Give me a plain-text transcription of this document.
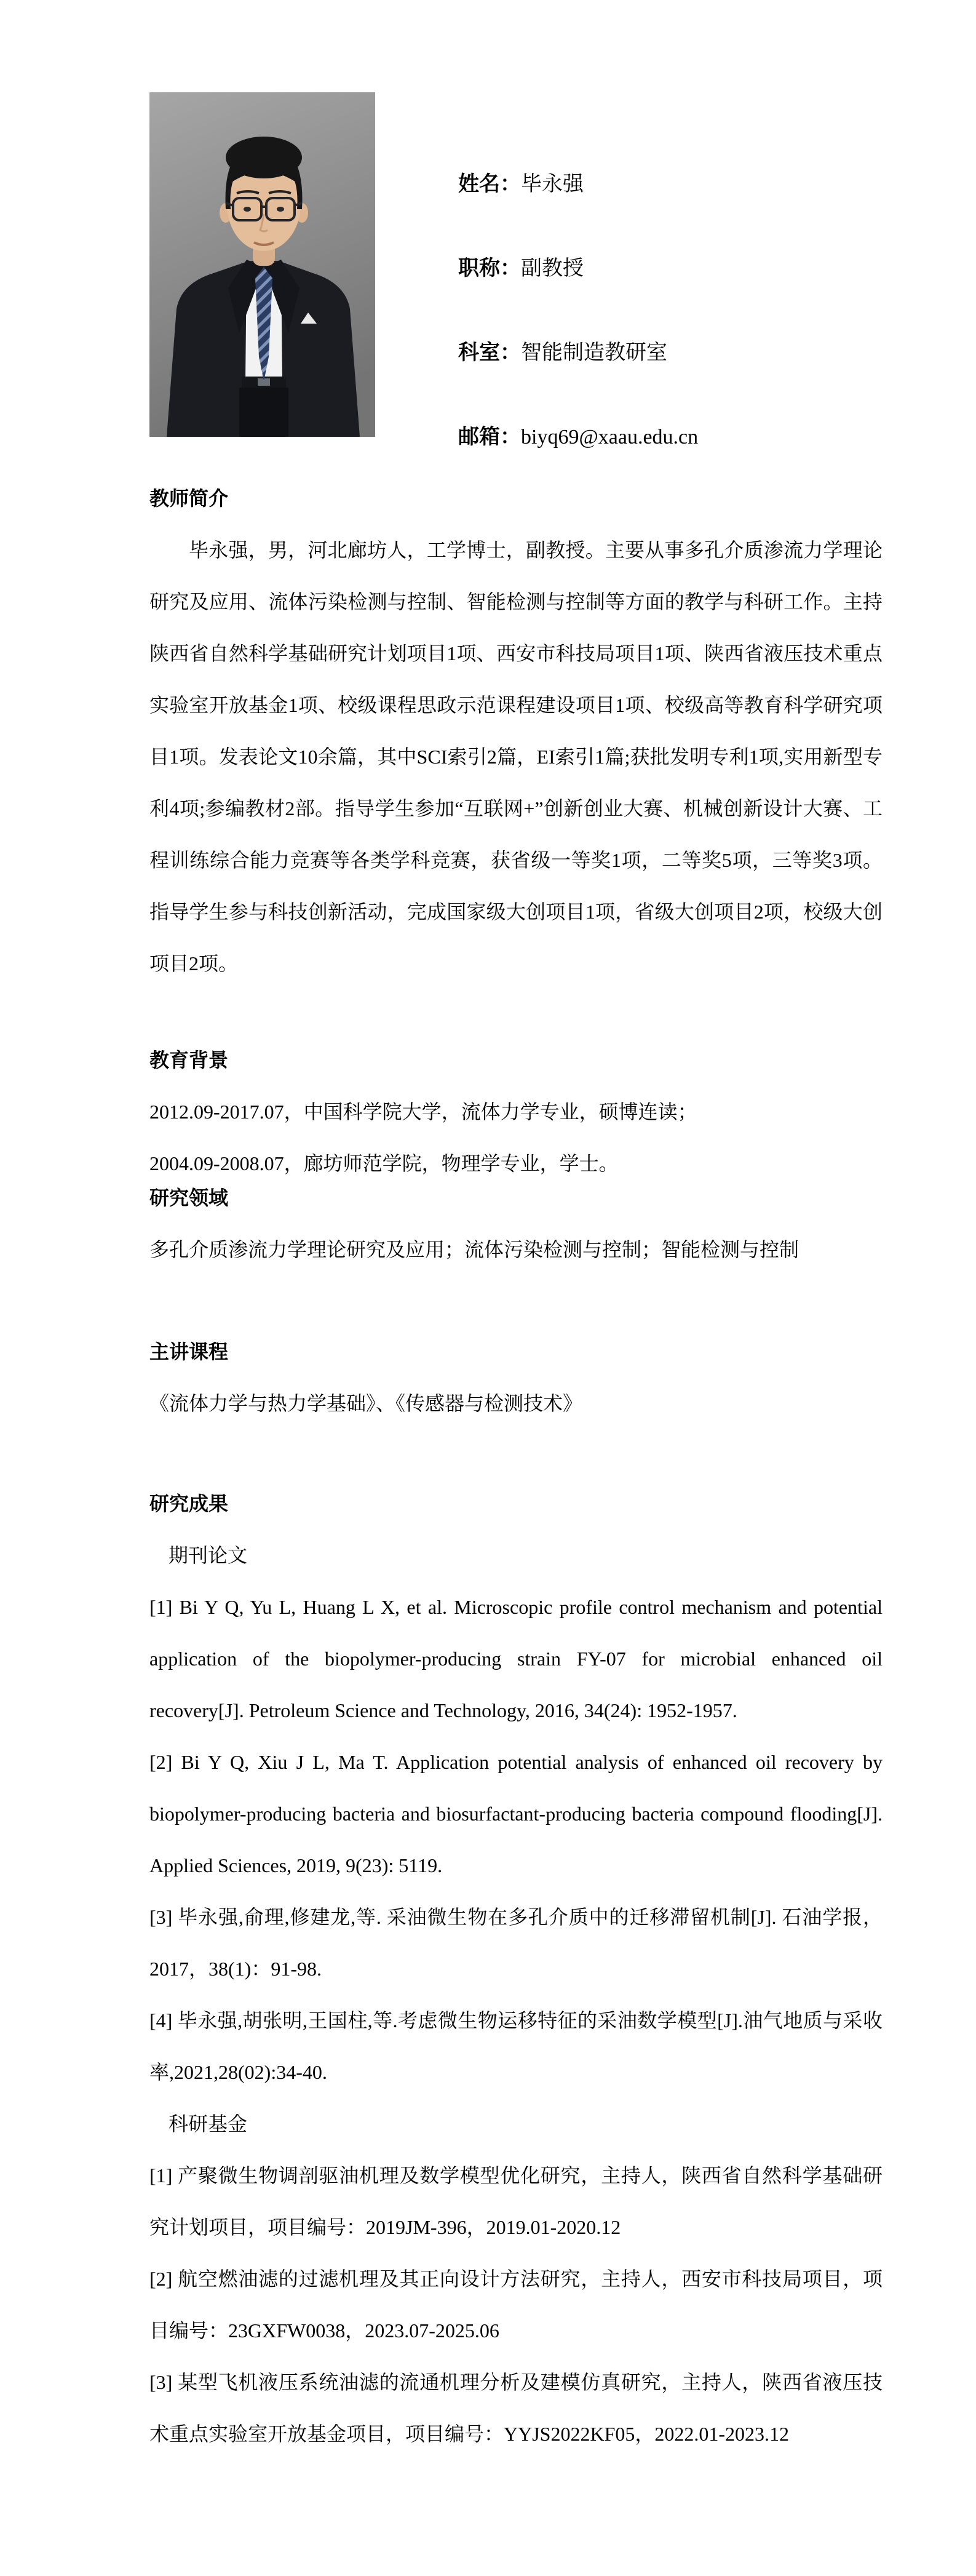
姓名：毕永强
职称：副教授
科室：智能制造教研室
邮箱：biyq69@xaau.edu.cn
教师简介
毕永强，男，河北廊坊人，工学博士，副教授。主要从事多孔介质渗流力学理论研究及应用、流体污染检测与控制、智能检测与控制等方面的教学与科研工作。主持陕西省自然科学基础研究计划项目1项、西安市科技局项目1项、陕西省液压技术重点实验室开放基金1项、校级课程思政示范课程建设项目1项、校级高等教育科学研究项目1项。发表论文10余篇，其中SCI索引2篇，EI索引1篇;获批发明专利1项,实用新型专利4项;参编教材2部。指导学生参加“互联网+”创新创业大赛、机械创新设计大赛、工程训练综合能力竞赛等各类学科竞赛，获省级一等奖1项，二等奖5项，三等奖3项。指导学生参与科技创新活动，完成国家级大创项目1项，省级大创项目2项，校级大创项目2项。
教育背景
2012.09-2017.07，中国科学院大学，流体力学专业，硕博连读；
2004.09-2008.07，廊坊师范学院，物理学专业，学士。
研究领域
多孔介质渗流力学理论研究及应用；流体污染检测与控制；智能检测与控制
主讲课程
《流体力学与热力学基础》、《传感器与检测技术》
研究成果
期刊论文
[1] Bi Y Q, Yu L, Huang L X, et al. Microscopic profile control mechanism and potential application of the biopolymer-producing strain FY-07 for microbial enhanced oil recovery[J]. Petroleum Science and Technology, 2016, 34(24): 1952-1957.
[2] Bi Y Q, Xiu J L, Ma T. Application potential analysis of enhanced oil recovery by biopolymer-producing bacteria and biosurfactant-producing bacteria compound flooding[J]. Applied Sciences, 2019, 9(23): 5119.
[3] 毕永强,俞理,修建龙,等. 采油微生物在多孔介质中的迁移滞留机制[J]. 石油学报，2017，38(1)：91-98.
[4] 毕永强,胡张明,王国柱,等.考虑微生物运移特征的采油数学模型[J].油气地质与采收率,2021,28(02):34-40.
科研基金
[1] 产聚微生物调剖驱油机理及数学模型优化研究，主持人，陕西省自然科学基础研究计划项目，项目编号：2019JM-396，2019.01-2020.12
[2] 航空燃油滤的过滤机理及其正向设计方法研究，主持人，西安市科技局项目，项目编号：23GXFW0038，2023.07-2025.06
[3] 某型飞机液压系统油滤的流通机理分析及建模仿真研究，主持人，陕西省液压技术重点实验室开放基金项目，项目编号：YYJS2022KF05，2022.01-2023.12
